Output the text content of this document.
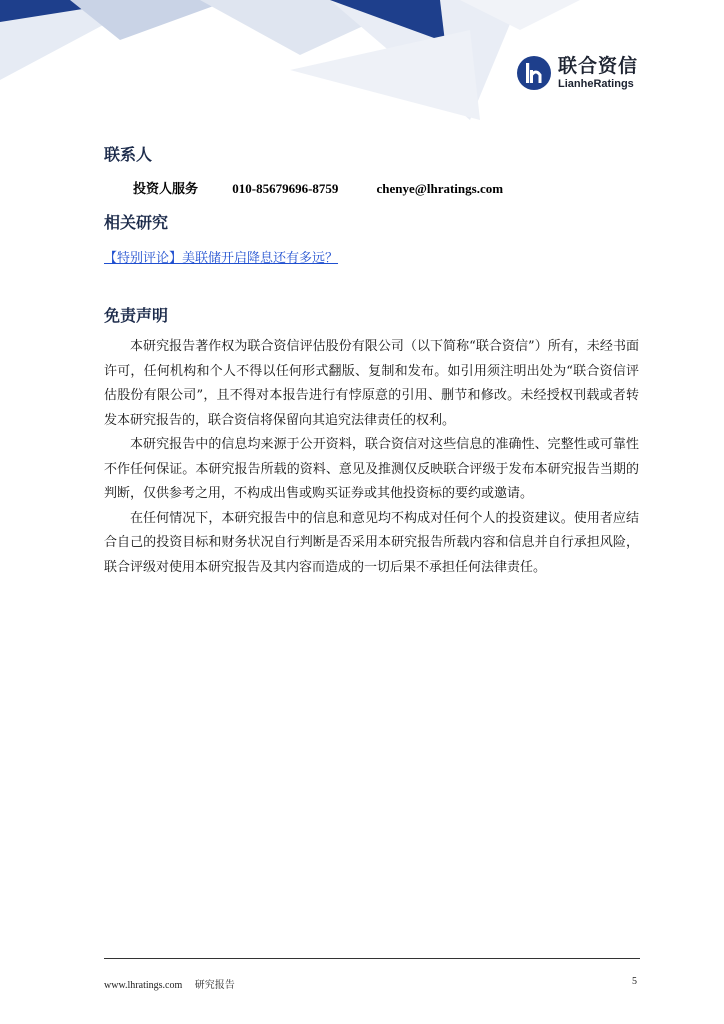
联合资信
LianheRatings
联系人
投资人服务	010-85679696-8759	chenye@lhratings.com
相关研究
【特别评论】美联储开启降息还有多远？
免责声明

本研究报告著作权为联合资信评估股份有限公司（以下简称“联合资信”）所有，未经书面许可，任何机构和个人不得以任何形式翻版、复制和发布。如引用须注明出处为“联合资信评估股份有限公司”，且不得对本报告进行有悖原意的引用、删节和修改。未经授权刊载或者转发本研究报告的，联合资信将保留向其追究法律责任的权利。

本研究报告中的信息均来源于公开资料，联合资信对这些信息的准确性、完整性或可靠性不作任何保证。本研究报告所载的资料、意见及推测仅反映联合评级于发布本研究报告当期的判断，仅供参考之用，不构成出售或购买证券或其他投资标的要约或邀请。

在任何情况下，本研究报告中的信息和意见均不构成对任何个人的投资建议。使用者应结合自己的投资目标和财务状况自行判断是否采用本研究报告所载内容和信息并自行承担风险，联合评级对使用本研究报告及其内容而造成的一切后果不承担任何法律责任。

www.lhratings.com 研究报告	5
